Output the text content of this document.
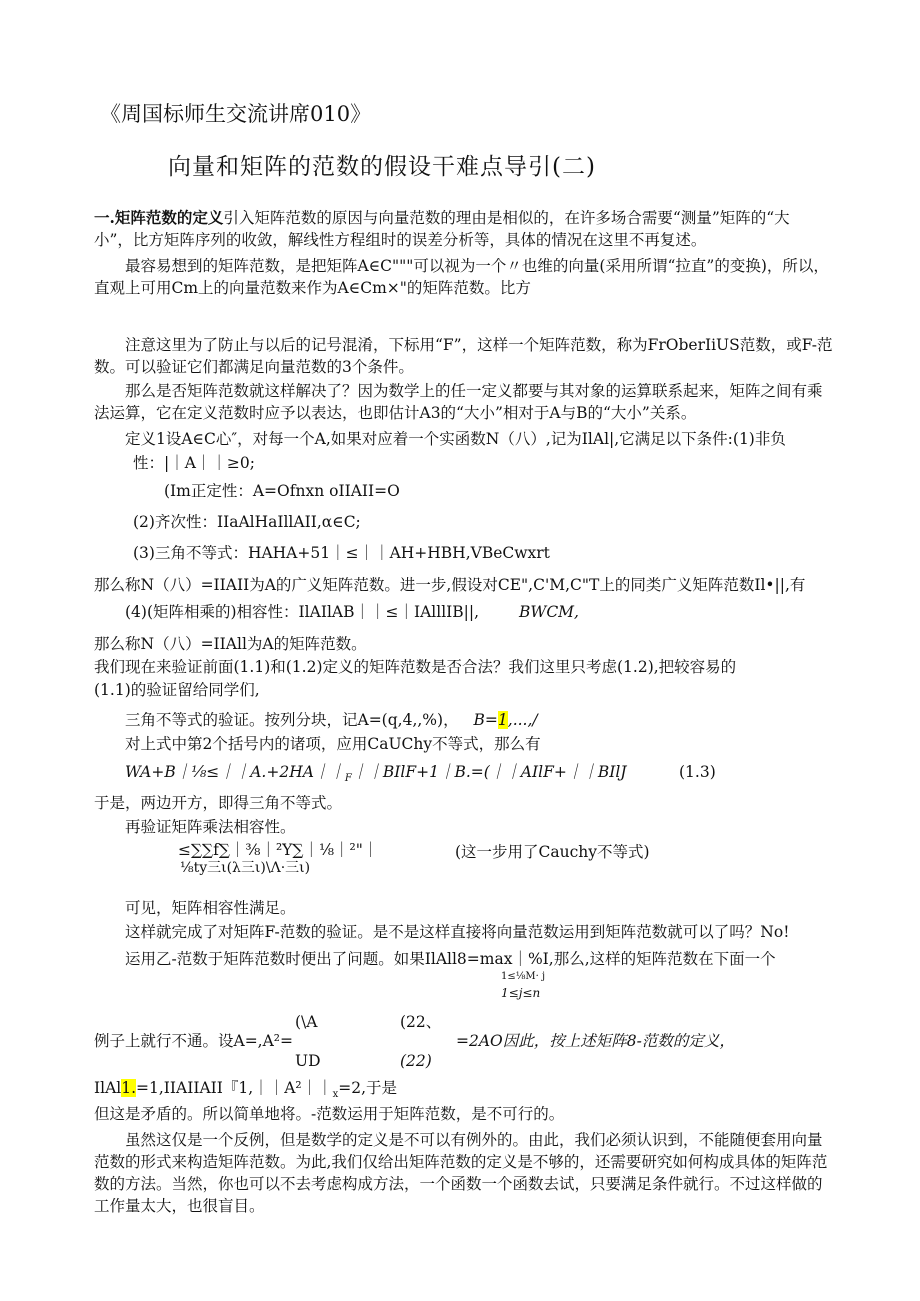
《周国标师生交流讲席010》
向量和矩阵的范数的假设干难点导引(二)
一.矩阵范数的定义引入矩阵范数的原因与向量范数的理由是相似的，在许多场合需要“测量”矩阵的“大
小”，比方矩阵序列的收敛，解线性方程组时的误差分析等，具体的情况在这里不再复述。
最容易想到的矩阵范数，是把矩阵A∈C"""可以视为一个〃也维的向量(采用所谓“拉直”的变换)，所以，
直观上可用Cm上的向量范数来作为A∈Cm×"的矩阵范数。比方
注意这里为了防止与以后的记号混淆，下标用“F”，这样一个矩阵范数，称为FrOberIiUS范数，或F-范
数。可以验证它们都满足向量范数的3个条件。
那么是否矩阵范数就这样解决了？因为数学上的任一定义都要与其对象的运算联系起来，矩阵之间有乘
法运算，它在定义范数时应予以表达，也即估计A3的“大小”相对于A与B的“大小”关系。
定义1设A∈C心″，对每一个A,如果对应着一个实函数N（八）,记为IlAl|,它满足以下条件:(1)非负
性：|｜A｜｜≥0;
(Im正定性：A=Ofnxn oIIAII=O
(2)齐次性：IIaAlHaIllAII,α∈C;
(3)三角不等式：HAHA+51｜≤｜｜AH+HBH,VBeCwxrt
那么称N（八）=IIAII为A的广义矩阵范数。进一步,假设对CE",C'M,C"T上的同类广义矩阵范数Il•||,有
(4)(矩阵相乘的)相容性：IlAIlAB｜｜≤｜IAlllIB||,	BWCM,
那么称N（八）=IIAll为A的矩阵范数。
我们现在来验证前面(1.1)和(1.2)定义的矩阵范数是否合法？我们这里只考虑(1.2),把较容易的
(1.1)的验证留给同学们,
三角不等式的验证。按列分块，记A=(q,4,,%)， B=1,...,/
对上式中第2个括号内的诸项，应用CaUChy不等式，那么有
$WA+B|\frac{1}{8}\le||A.+2HA||_F||BIlF+1|B.=(||AIlF+||BIlJ$	(1.3)
于是，两边开方，即得三角不等式。
再验证矩阵乘法相容性。
≤∑∑f∑｜⅜｜²Y∑｜⅛｜²"｜
⅛ty三ι(λ三ι)\Λ·三ι)
(这一步用了Cauchy不等式)
可见，矩阵相容性满足。
这样就完成了对矩阵F-范数的验证。是不是这样直接将向量范数运用到矩阵范数就可以了吗？No!
运用乙-范数于矩阵范数时便出了问题。如果IlAll8=max｜%I,那么,这样的矩阵范数在下面一个
1≤⅛M· j
1≤j≤n
(\A
UD
(22、
(22)
例子上就行不通。设A=,A²=	=2AO因此，按上述矩阵8-范数的定义，
IlAl1.=1,IIAIIAII『$1,||A^2||_x=2$,于是
但这是矛盾的。所以简单地将。-范数运用于矩阵范数，是不可行的。
虽然这仅是一个反例，但是数学的定义是不可以有例外的。由此，我们必须认识到，不能随便套用向量
范数的形式来构造矩阵范数。为此,我们仅给出矩阵范数的定义是不够的，还需要研究如何构成具体的矩阵范
数的方法。当然，你也可以不去考虑构成方法，一个函数一个函数去试，只要满足条件就行。不过这样做的
工作量太大，也很盲目。
